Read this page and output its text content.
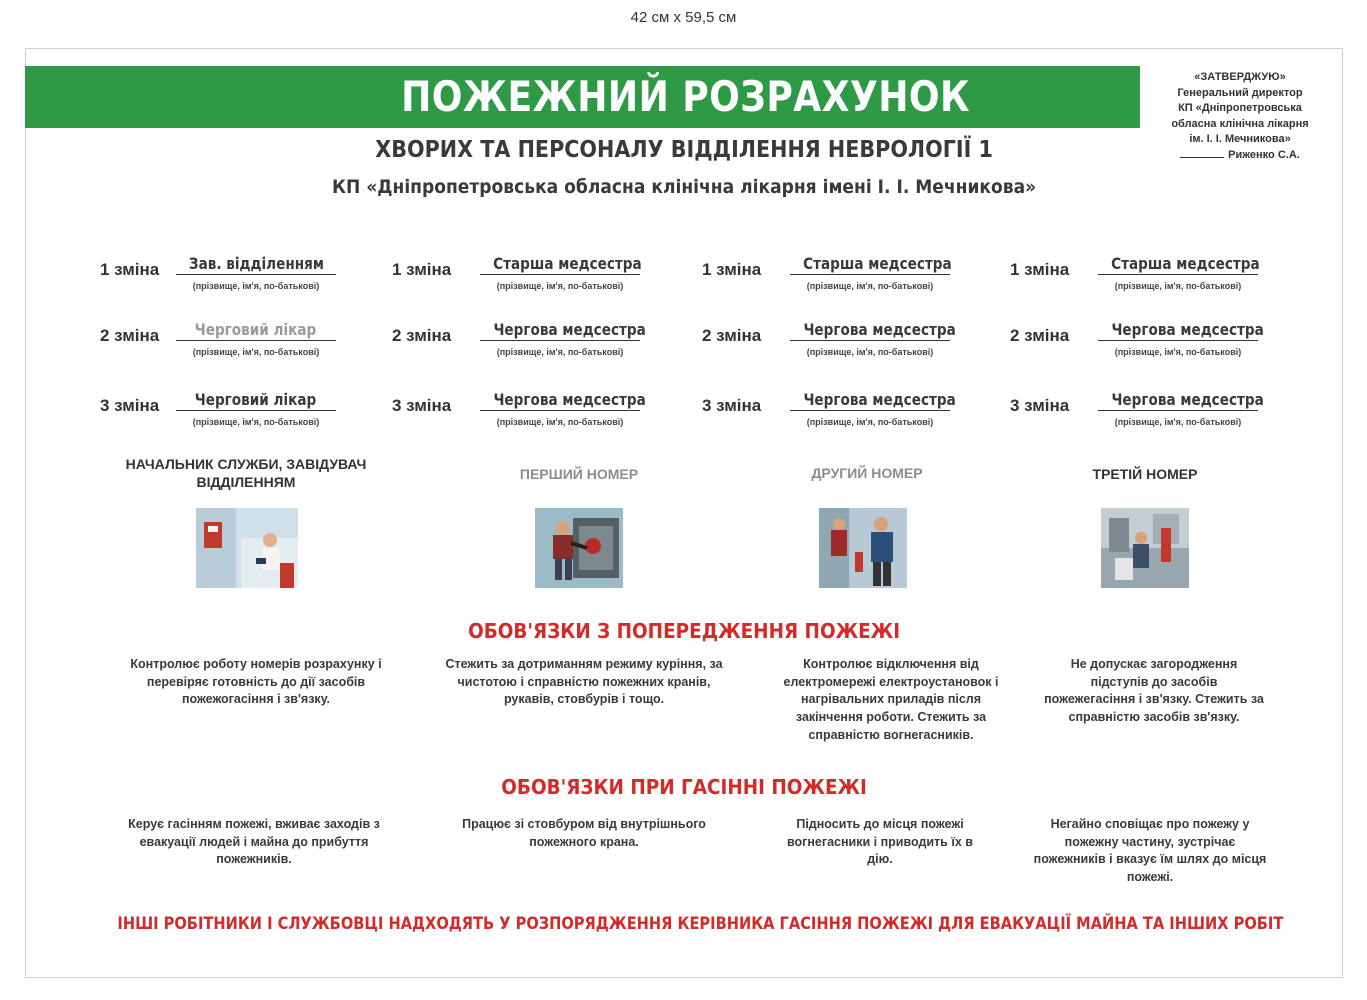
42 см х 59,5 см
ПОЖЕЖНИЙ РОЗРАХУНОК	«ЗАТВЕРДЖУЮ»
Генеральний директор
КП «Дніпропетровська
обласна клінічна лікарня
ім. І. І. Мечникова»
Риженко С.А.
ХВОРИХ ТА ПЕРСОНАЛУ ВІДДІЛЕННЯ НЕВРОЛОГІЇ 1
КП «Дніпропетровська обласна клінічна лікарня імені І. І. Мечникова»
1 зміна	Зав. відділенням
(прізвище, ім'я, по-батькові)
2 зміна	Черговий лікар
(прізвище, ім'я, по-батькові)
3 зміна	Черговий лікар
(прізвище, ім'я, по-батькові)
1 зміна	Старша медсестра
(прізвище, ім'я, по-батькові)
2 зміна	Чергова медсестра
(прізвище, ім'я, по-батькові)
3 зміна	Чергова медсестра
(прізвище, ім'я, по-батькові)
1 зміна	Старша медсестра
(прізвище, ім'я, по-батькові)
2 зміна	Чергова медсестра
(прізвище, ім'я, по-батькові)
3 зміна	Чергова медсестра
(прізвище, ім'я, по-батькові)
1 зміна	Старша медсестра
(прізвище, ім'я, по-батькові)
2 зміна	Чергова медсестра
(прізвище, ім'я, по-батькові)
3 зміна	Чергова медсестра
(прізвище, ім'я, по-батькові)
НАЧАЛЬНИК СЛУЖБИ, ЗАВІДУВАЧ ВІДДІЛЕННЯМ	ПЕРШИЙ НОМЕР	ДРУГИЙ НОМЕР	ТРЕТІЙ НОМЕР
ОБОВ'ЯЗКИ З ПОПЕРЕДЖЕННЯ ПОЖЕЖІ
Контролює роботу номерів розрахунку і перевіряє готовність до дії засобів пожежогасіння і зв'язку.
Стежить за дотриманням режиму куріння, за чистотою і справністю пожежних кранів, рукавів, стовбурів і тощо.
Контролює відключення від електромережі електроустановок і нагрівальних приладів після закінчення роботи. Стежить за справністю вогнегасників.
Не допускає загородження підступів до засобів пожежегасіння і зв'язку. Стежить за справністю засобів зв'язку.
ОБОВ'ЯЗКИ ПРИ ГАСІННІ ПОЖЕЖІ
Керує гасінням пожежі, вживає заходів з евакуації людей і майна до прибуття пожежників.
Працює зі стовбуром від внутрішнього пожежного крана.
Підносить до місця пожежі вогнегасники і приводить їх в дію.
Негайно сповіщає про пожежу у пожежну частину, зустрічає пожежників і вказує їм шлях до місця пожежі.
ІНШІ РОБІТНИКИ І СЛУЖБОВЦІ НАДХОДЯТЬ У РОЗПОРЯДЖЕННЯ КЕРІВНИКА ГАСІННЯ ПОЖЕЖІ ДЛЯ ЕВАКУАЦІЇ МАЙНА ТА ІНШИХ РОБІТ
